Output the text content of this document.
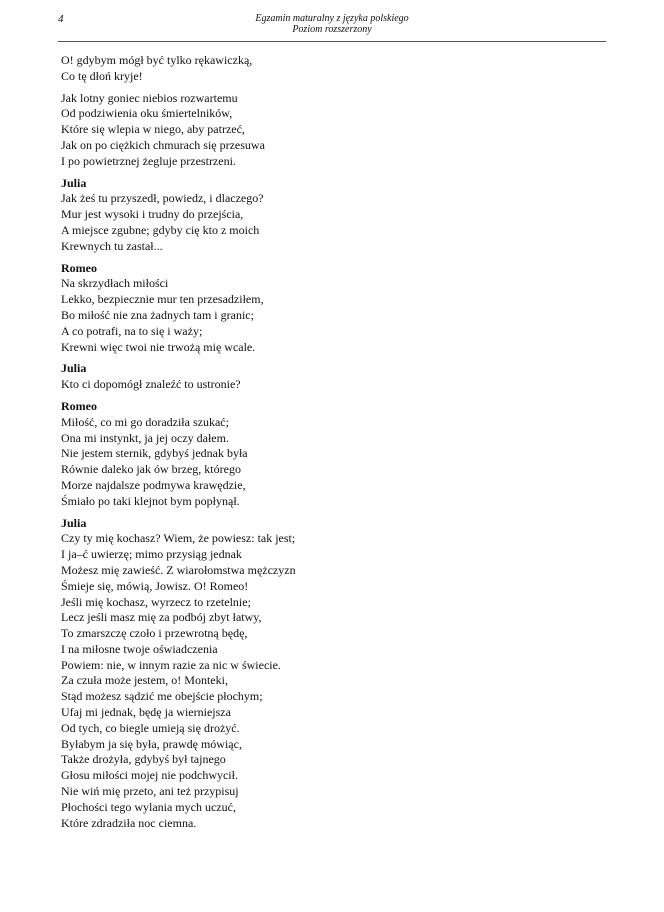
4	Egzamin maturalny z języka polskiego
Poziom rozszerzony
O! gdybym mógł być tylko rękawiczką,
Co tę dłoń kryje!
Jak lotny goniec niebios rozwartemu
Od podziwienia oku śmiertelników,
Które się wlepia w niego, aby patrzeć,
Jak on po ciężkich chmurach się przesuwa
I po powietrznej żegluje przestrzeni.
Julia
Jak żeś tu przyszedł, powiedz, i dlaczego?
Mur jest wysoki i trudny do przejścia,
A miejsce zgubne; gdyby cię kto z moich
Krewnych tu zastał...
Romeo
Na skrzydłach miłości
Lekko, bezpiecznie mur ten przesadziłem,
Bo miłość nie zna żadnych tam i granic;
A co potrafi, na to się i waży;
Krewni więc twoi nie trwożą mię wcale.
Julia
Kto ci dopomógł znaleźć to ustronie?
Romeo
Miłość, co mi go doradziła szukać;
Ona mi instynkt, ja jej oczy dałem.
Nie jestem sternik, gdybyś jednak była
Równie daleko jak ów brzeg, którego
Morze najdalsze podmywa krawędzie,
Śmiało po taki klejnot bym popłynął.
Julia
Czy ty mię kochasz? Wiem, że powiesz: tak jest;
I ja–ć uwierzę; mimo przysiąg jednak
Możesz mię zawieść. Z wiarołomstwa mężczyzn
Śmieje się, mówią, Jowisz. O! Romeo!
Jeśli mię kochasz, wyrzecz to rzetelnie;
Lecz jeśli masz mię za podbój zbyt łatwy,
To zmarszczę czoło i przewrotną będę,
I na miłosne twoje oświadczenia
Powiem: nie, w innym razie za nic w świecie.
Za czuła może jestem, o! Monteki,
Stąd możesz sądzić me obejście płochym;
Ufaj mi jednak, będę ja wierniejsza
Od tych, co biegle umieją się drożyć.
Byłabym ja się była, prawdę mówiąc,
Także drożyła, gdybyś był tajnego
Głosu miłości mojej nie podchwycił.
Nie wiń mię przeto, ani też przypisuj
Płochości tego wylania mych uczuć,
Które zdradziła noc ciemna.
